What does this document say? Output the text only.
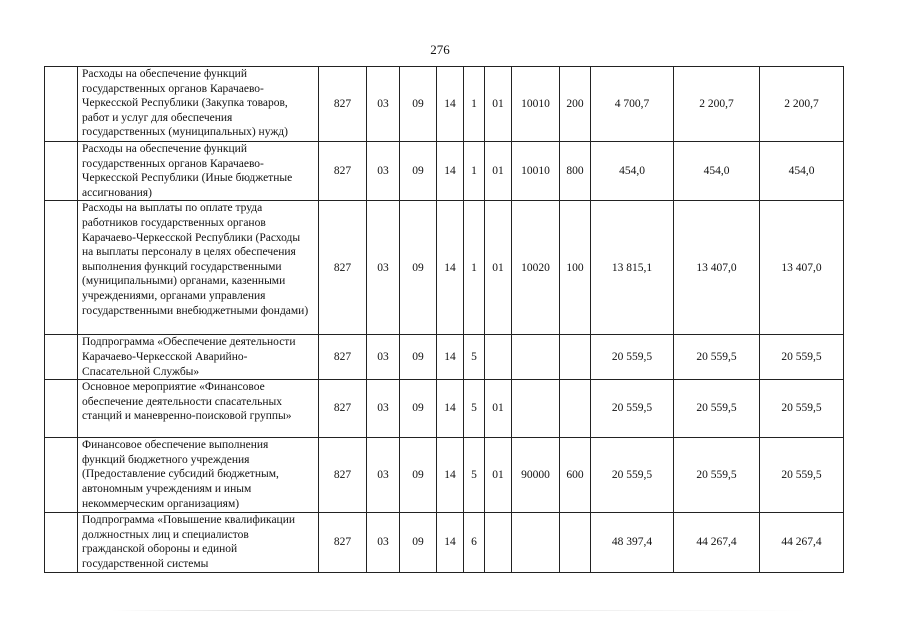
276
	Расходы на обеспечение функций государственных органов Карачаево-Черкесской Республики (Закупка товаров, работ и услуг для обеспечения государственных (муниципальных) нужд)	827	03	09	14	1	01	10010	200	4 700,7	2 200,7	2 200,7
	Расходы на обеспечение функций государственных органов Карачаево-Черкесской Республики (Иные бюджетные ассигнования)	827	03	09	14	1	01	10010	800	454,0	454,0	454,0
	Расходы на выплаты по оплате труда работников государственных органов Карачаево-Черкесской Республики (Расходы на выплаты персоналу в целях обеспечения выполнения функций государственными (муниципальными) органами, казенными учреждениями, органами управления государственными внебюджетными фондами)	827	03	09	14	1	01	10020	100	13 815,1	13 407,0	13 407,0
	Подпрограмма «Обеспечение деятельности Карачаево-Черкесской Аварийно-Спасательной Службы»	827	03	09	14	5				20 559,5	20 559,5	20 559,5
	Основное мероприятие «Финансовое обеспечение деятельности спасательных станций и маневренно-поисковой группы»	827	03	09	14	5	01			20 559,5	20 559,5	20 559,5
	Финансовое обеспечение выполнения функций бюджетного учреждения (Предоставление субсидий бюджетным, автономным учреждениям и иным некоммерческим организациям)	827	03	09	14	5	01	90000	600	20 559,5	20 559,5	20 559,5
	Подпрограмма «Повышение квалификации должностных лиц и специалистов гражданской обороны и единой государственной системы	827	03	09	14	6				48 397,4	44 267,4	44 267,4
